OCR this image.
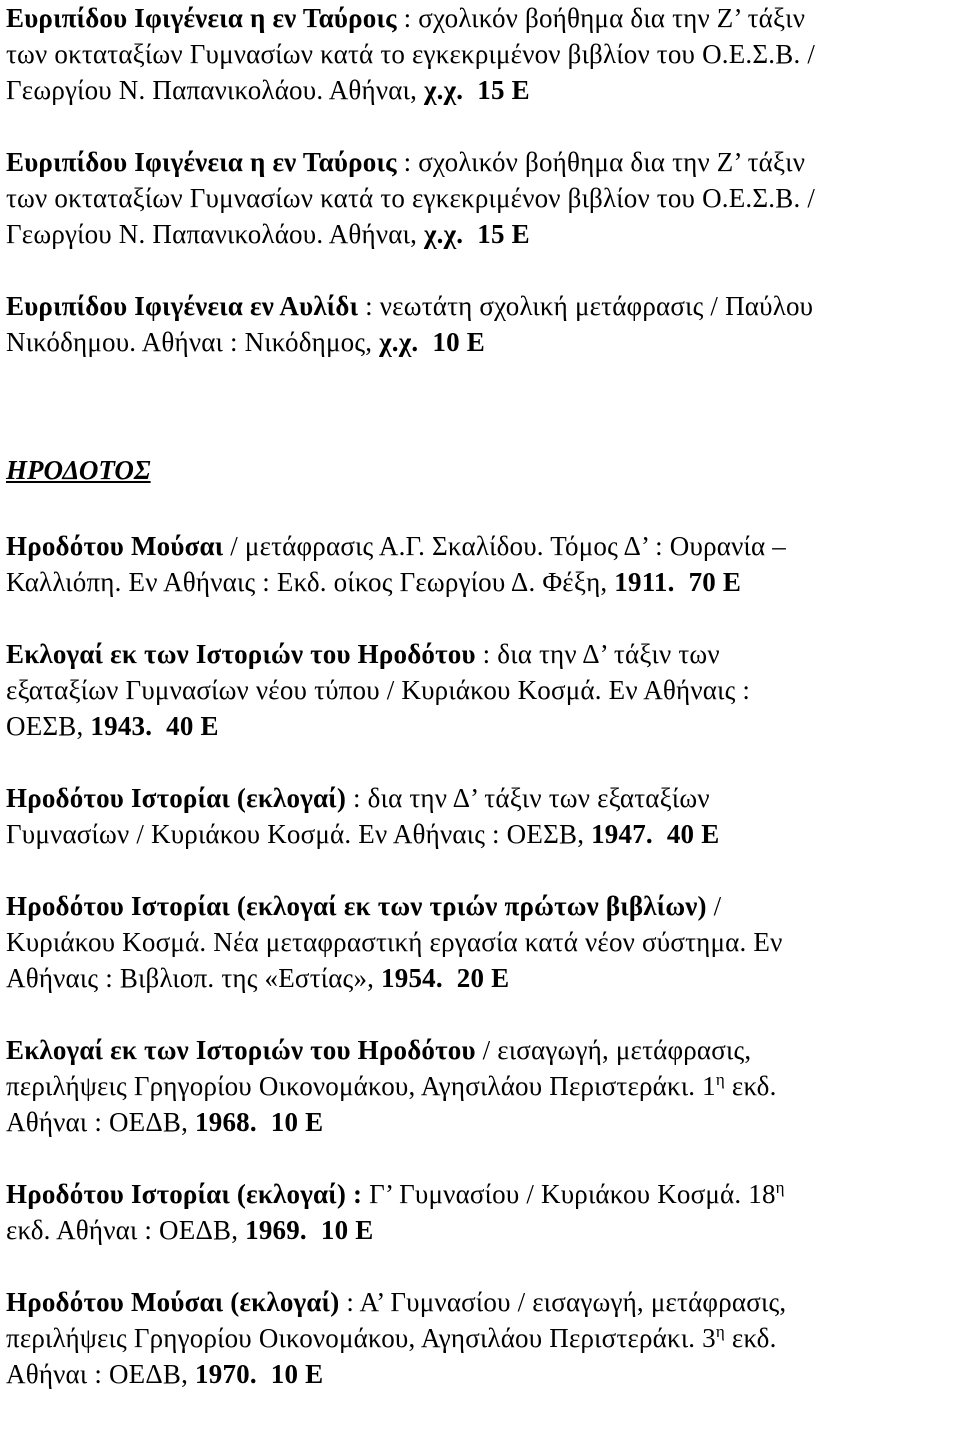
Ευριπίδου Ιφιγένεια η εν Ταύροις : σχολικόν βοήθημα δια την Ζ’ τάξιν
των οκταταξίων Γυμνασίων κατά το εγκεκριμένον βιβλίον του Ο.Ε.Σ.Β. /
Γεωργίου Ν. Παπανικολάου. Αθήναι, χ.χ. 15 Ε
Ευριπίδου Ιφιγένεια η εν Ταύροις : σχολικόν βοήθημα δια την Ζ’ τάξιν
των οκταταξίων Γυμνασίων κατά το εγκεκριμένον βιβλίον του Ο.Ε.Σ.Β. /
Γεωργίου Ν. Παπανικολάου. Αθήναι, χ.χ. 15 Ε
Ευριπίδου Ιφιγένεια εν Αυλίδι : νεωτάτη σχολική μετάφρασις / Παύλου
Νικόδημου. Αθήναι : Νικόδημος, χ.χ. 10 Ε
ΗΡΟΔΟΤΟΣ
Ηροδότου Μούσαι / μετάφρασις Α.Γ. Σκαλίδου. Τόμος Δ’ : Ουρανία –
Καλλιόπη. Εν Αθήναις : Εκδ. οίκος Γεωργίου Δ. Φέξη, 1911. 70 Ε
Εκλογαί εκ των Ιστοριών του Ηροδότου : δια την Δ’ τάξιν των
εξαταξίων Γυμνασίων νέου τύπου / Κυριάκου Κοσμά. Εν Αθήναις :
ΟΕΣΒ, 1943. 40 Ε
Ηροδότου Ιστορίαι (εκλογαί) : δια την Δ’ τάξιν των εξαταξίων
Γυμνασίων / Κυριάκου Κοσμά. Εν Αθήναις : ΟΕΣΒ, 1947. 40 Ε
Ηροδότου Ιστορίαι (εκλογαί εκ των τριών πρώτων βιβλίων) /
Κυριάκου Κοσμά. Νέα μεταφραστική εργασία κατά νέον σύστημα. Εν
Αθήναις : Βιβλιοπ. της «Εστίας», 1954. 20 Ε
Εκλογαί εκ των Ιστοριών του Ηροδότου / εισαγωγή, μετάφρασις,
περιλήψεις Γρηγορίου Οικονομάκου, Αγησιλάου Περιστεράκι. $1^\eta$ εκδ.
Αθήναι : ΟΕΔΒ, 1968. 10 Ε
Ηροδότου Ιστορίαι (εκλογαί) : Γ’ Γυμνασίου / Κυριάκου Κοσμά. $18^\eta$
εκδ. Αθήναι : ΟΕΔΒ, 1969. 10 Ε
Ηροδότου Μούσαι (εκλογαί) : Α’ Γυμνασίου / εισαγωγή, μετάφρασις,
περιλήψεις Γρηγορίου Οικονομάκου, Αγησιλάου Περιστεράκι. $3^\eta$ εκδ.
Αθήναι : ΟΕΔΒ, 1970. 10 Ε
